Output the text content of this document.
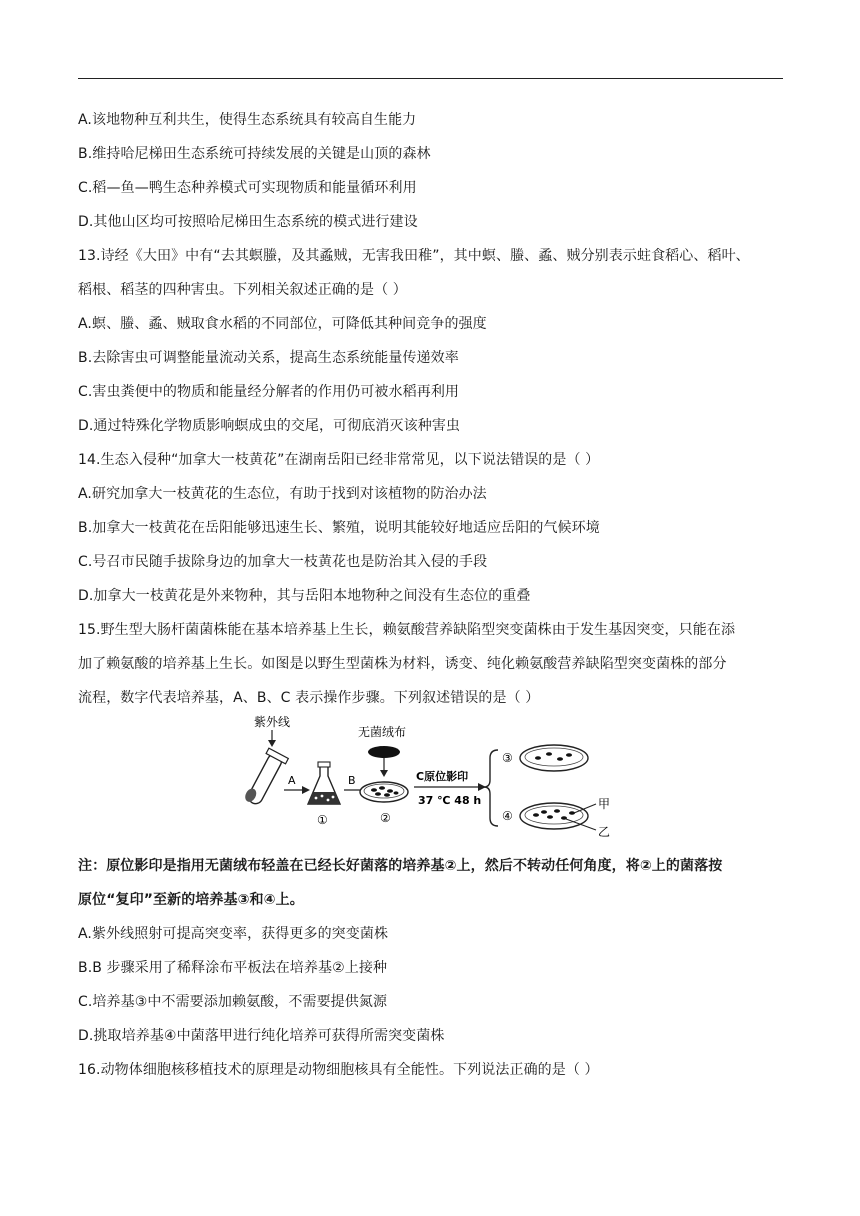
A.该地物种互利共生，使得生态系统具有较高自生能力
B.维持哈尼梯田生态系统可持续发展的关键是山顶的森林
C.稻—鱼—鸭生态种养模式可实现物质和能量循环利用
D.其他山区均可按照哈尼梯田生态系统的模式进行建设
13.诗经《大田》中有“去其螟螣，及其蟊贼，无害我田稚”，其中螟、螣、蟊、贼分别表示蛀食稻心、稻叶、
稻根、稻茎的四种害虫。下列相关叙述正确的是（ ）
A.螟、螣、蟊、贼取食水稻的不同部位，可降低其种间竞争的强度
B.去除害虫可调整能量流动关系，提高生态系统能量传递效率
C.害虫粪便中的物质和能量经分解者的作用仍可被水稻再利用
D.通过特殊化学物质影响螟成虫的交尾，可彻底消灭该种害虫
14.生态入侵种“加拿大一枝黄花”在湖南岳阳已经非常常见，以下说法错误的是（ ）
A.研究加拿大一枝黄花的生态位，有助于找到对该植物的防治办法
B.加拿大一枝黄花在岳阳能够迅速生长、繁殖，说明其能较好地适应岳阳的气候环境
C.号召市民随手拔除身边的加拿大一枝黄花也是防治其入侵的手段
D.加拿大一枝黄花是外来物种，其与岳阳本地物种之间没有生态位的重叠
15.野生型大肠杆菌菌株能在基本培养基上生长，赖氨酸营养缺陷型突变菌株由于发生基因突变，只能在添
加了赖氨酸的培养基上生长。如图是以野生型菌株为材料，诱变、纯化赖氨酸营养缺陷型突变菌株的部分
流程，数字代表培养基，A、B、C 表示操作步骤。下列叙述错误的是（ ）
紫外线
A
①
B
无菌绒布
②
C原位影印
37 ℃ 48 h
③
④
甲
乙
注：原位影印是指用无菌绒布轻盖在已经长好菌落的培养基②上，然后不转动任何角度，将②上的菌落按
原位“复印”至新的培养基③和④上。
A.紫外线照射可提高突变率，获得更多的突变菌株
B.B 步骤采用了稀释涂布平板法在培养基②上接种
C.培养基③中不需要添加赖氨酸，不需要提供氮源
D.挑取培养基④中菌落甲进行纯化培养可获得所需突变菌株
16.动物体细胞核移植技术的原理是动物细胞核具有全能性。下列说法正确的是（ ）
